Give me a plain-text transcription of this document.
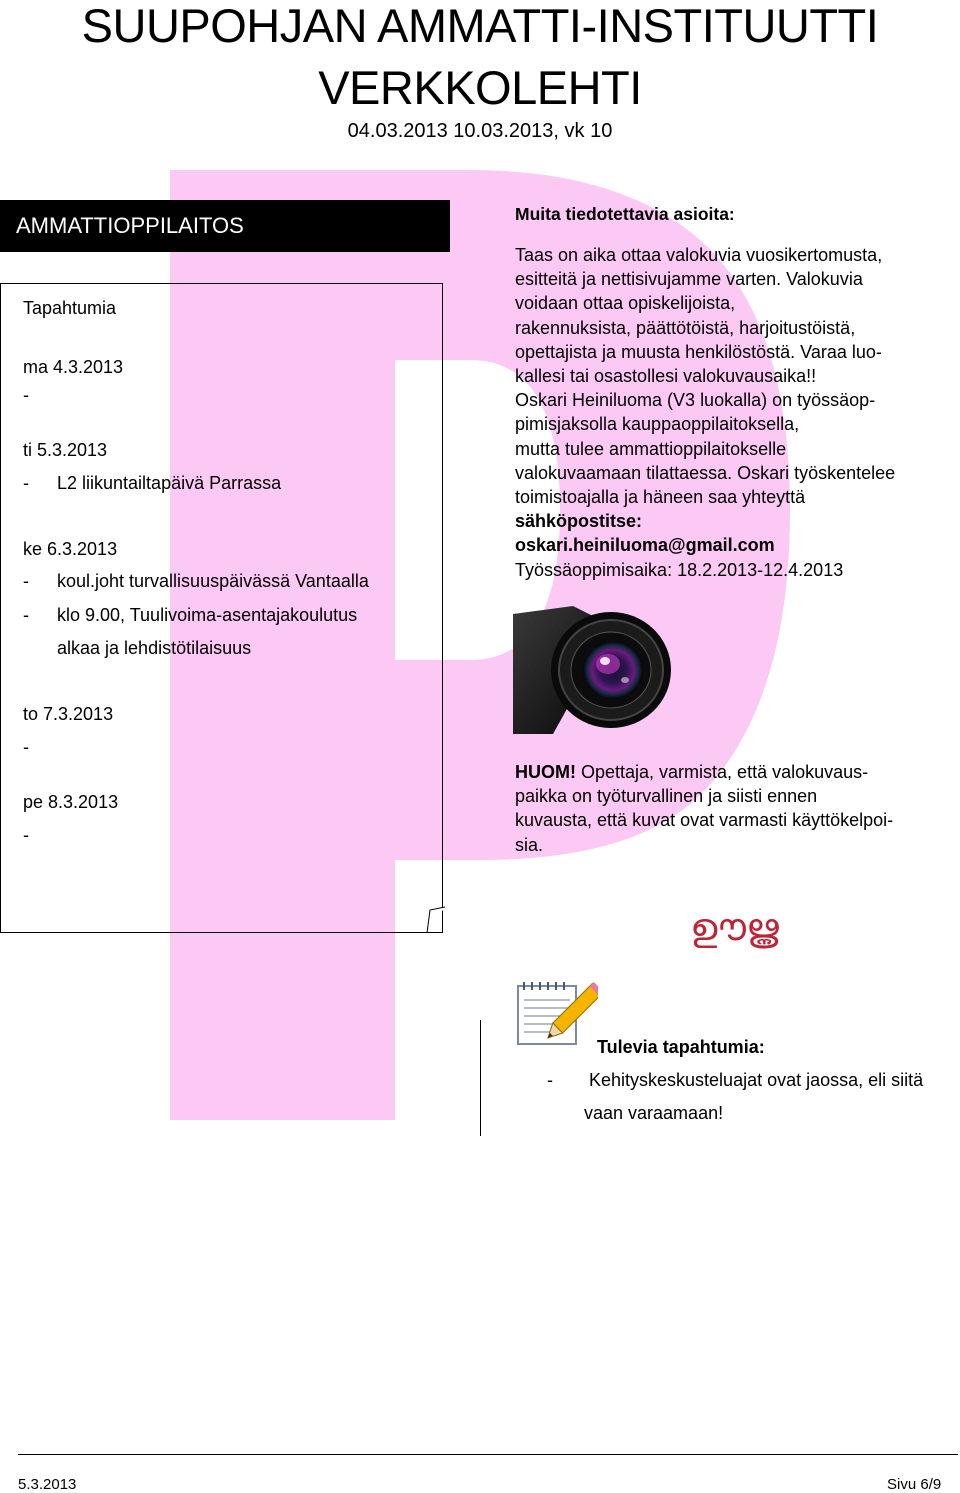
SUUPOHJAN AMMATTI-INSTITUUTTI
VERKKOLEHTI
04.03.2013 10.03.2013, vk 10
AMMATTIOPPILAITOS
Tapahtumia
ma 4.3.2013
-
ti 5.3.2013
- L2 liikuntailtapäivä Parrassa
ke 6.3.2013
- koul.joht turvallisuuspäivässä Vantaalla
- klo 9.00, Tuulivoima-asentajakoulutus
alkaa ja lehdistötilaisuus
to 7.3.2013
-
pe 8.3.2013
-
Muita tiedotettavia asioita:

Taas on aika ottaa valokuvia vuosikertomusta,

esitteitä ja nettisivujamme varten. Valokuvia

voidaan ottaa opiskelijoista,

rakennuksista, päättötöistä, harjoitustöistä,

opettajista ja muusta henkilöstöstä. Varaa luo-

kallesi tai osastollesi valokuvausaika!!

Oskari Heiniluoma (V3 luokalla) on työssäop-

pimisjaksolla kauppaoppilaitoksella,

mutta tulee ammattioppilaitokselle

valokuvaamaan tilattaessa. Oskari työskentelee

toimistoajalla ja häneen saa yhteyttä

sähköpostitse:

oskari.heiniluoma@gmail.com

Työssäoppimisaika: 18.2.2013-12.4.2013

HUOM! Opettaja, varmista, että valokuvaus-

paikka on työturvallinen ja siisti ennen

kuvausta, että kuvat ovat varmasti käyttökelpoi-

sia.

ഊൠ
Tulevia tapahtumia:
- Kehityskeskusteluajat ovat jaossa, eli siitä
vaan varaamaan!
5.3.2013	Sivu 6/9
